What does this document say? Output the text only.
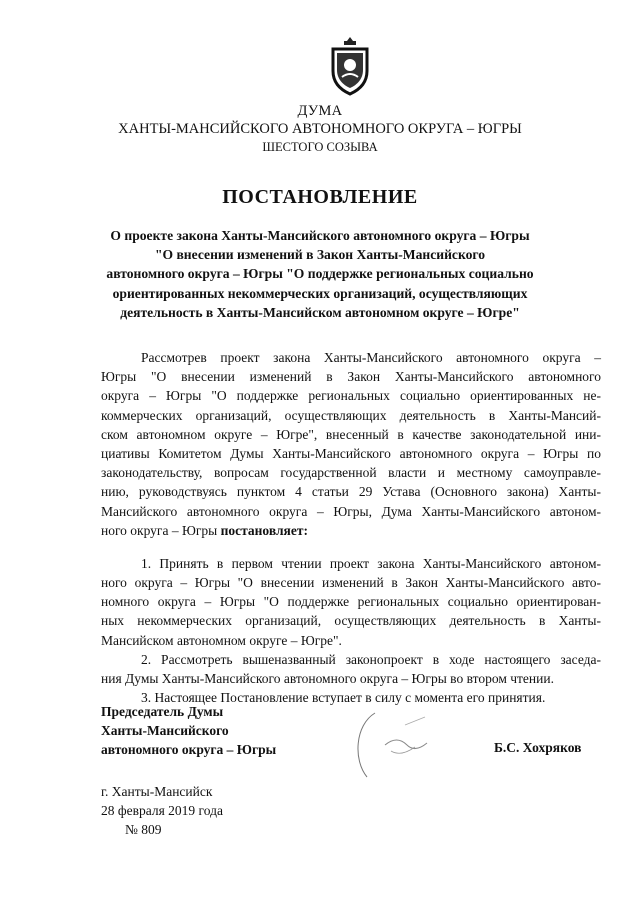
ДУМА
ХАНТЫ-МАНСИЙСКОГО АВТОНОМНОГО ОКРУГА – ЮГРЫ
ШЕСТОГО СОЗЫВА
ПОСТАНОВЛЕНИЕ
О проекте закона Ханты-Мансийского автономного округа – Югры
"О внесении изменений в Закон Ханты-Мансийского
автономного округа – Югры "О поддержке региональных социально
ориентированных некоммерческих организаций, осуществляющих
деятельность в Ханты-Мансийском автономном округе – Югре"
Рассмотрев проект закона Ханты-Мансийского автономного округа –
Югры "О внесении изменений в Закон Ханты-Мансийского автономного
округа – Югры "О поддержке региональных социально ориентированных не-
коммерческих организаций, осуществляющих деятельность в Ханты-Мансий-
ском автономном округе – Югре", внесенный в качестве законодательной ини-
циативы Комитетом Думы Ханты-Мансийского автономного округа – Югры по
законодательству, вопросам государственной власти и местному самоуправле-
нию, руководствуясь пунктом 4 статьи 29 Устава (Основного закона) Ханты-
Мансийского автономного округа – Югры, Дума Ханты-Мансийского автоном-
ного округа – Югры постановляет:
1. Принять в первом чтении проект закона Ханты-Мансийского автоном-
ного округа – Югры "О внесении изменений в Закон Ханты-Мансийского авто-
номного округа – Югры "О поддержке региональных социально ориентирован-
ных некоммерческих организаций, осуществляющих деятельность в Ханты-
Мансийском автономном округе – Югре".
2. Рассмотреть вышеназванный законопроект в ходе настоящего заседа-
ния Думы Ханты-Мансийского автономного округа – Югры во втором чтении.
3. Настоящее Постановление вступает в силу с момента его принятия.
Председатель Думы
Ханты-Мансийского
автономного округа – Югры	Б.С. Хохряков
г. Ханты-Мансийск
28 февраля 2019 года
№ 809
